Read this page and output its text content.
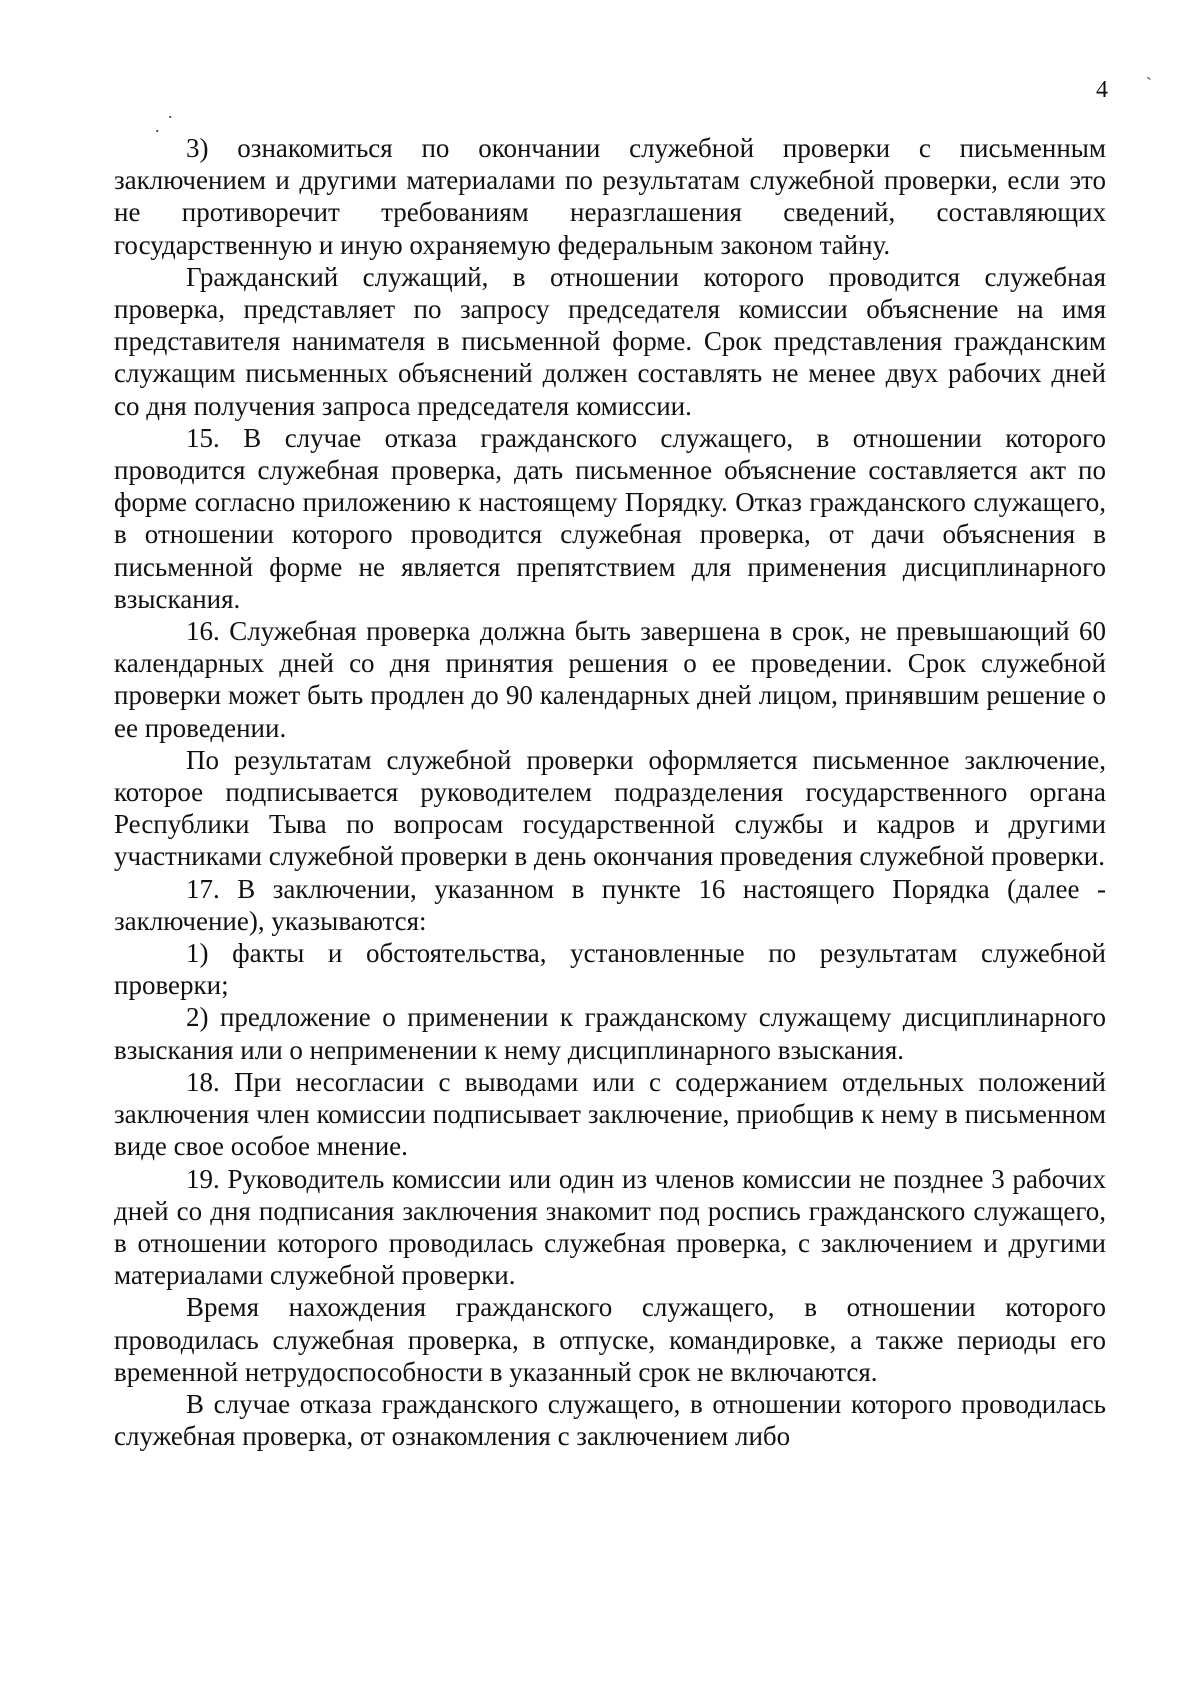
4

3) ознакомиться по окончании служебной проверки с письменным заключением и другими материалами по результатам служебной проверки, если это не противоречит требованиям неразглашения сведений, составляющих государственную и иную охраняемую федеральным законом тайну.

Гражданский служащий, в отношении которого проводится служебная проверка, представляет по запросу председателя комиссии объяснение на имя представителя нанимателя в письменной форме. Срок представления гражданским служащим письменных объяснений должен составлять не менее двух рабочих дней со дня получения запроса председателя комиссии.

15. В случае отказа гражданского служащего, в отношении которого проводится служебная проверка, дать письменное объяснение составляется акт по форме согласно приложению к настоящему Порядку. Отказ гражданского служащего, в отношении которого проводится служебная проверка, от дачи объяснения в письменной форме не является препятствием для применения дисциплинарного взыскания.

16. Служебная проверка должна быть завершена в срок, не превышающий 60 календарных дней со дня принятия решения о ее проведении. Срок служебной проверки может быть продлен до 90 календарных дней лицом, принявшим решение о ее проведении.

По результатам служебной проверки оформляется письменное заключение, которое подписывается руководителем подразделения государственного органа Республики Тыва по вопросам государственной службы и кадров и другими участниками служебной проверки в день окончания проведения служебной проверки.

17. В заключении, указанном в пункте 16 настоящего Порядка (далее - заключение), указываются:

1) факты и обстоятельства, установленные по результатам служебной проверки;

2) предложение о применении к гражданскому служащему дисциплинарного взыскания или о неприменении к нему дисциплинарного взыскания.

18. При несогласии с выводами или с содержанием отдельных положений заключения член комиссии подписывает заключение, приобщив к нему в письменном виде свое особое мнение.

19. Руководитель комиссии или один из членов комиссии не позднее 3 рабочих дней со дня подписания заключения знакомит под роспись гражданского служащего, в отношении которого проводилась служебная проверка, с заключением и другими материалами служебной проверки.

Время нахождения гражданского служащего, в отношении которого проводилась служебная проверка, в отпуске, командировке, а также периоды его временной нетрудоспособности в указанный срок не включаются.

В случае отказа гражданского служащего, в отношении которого проводилась служебная проверка, от ознакомления с заключением либо

`
.
.
